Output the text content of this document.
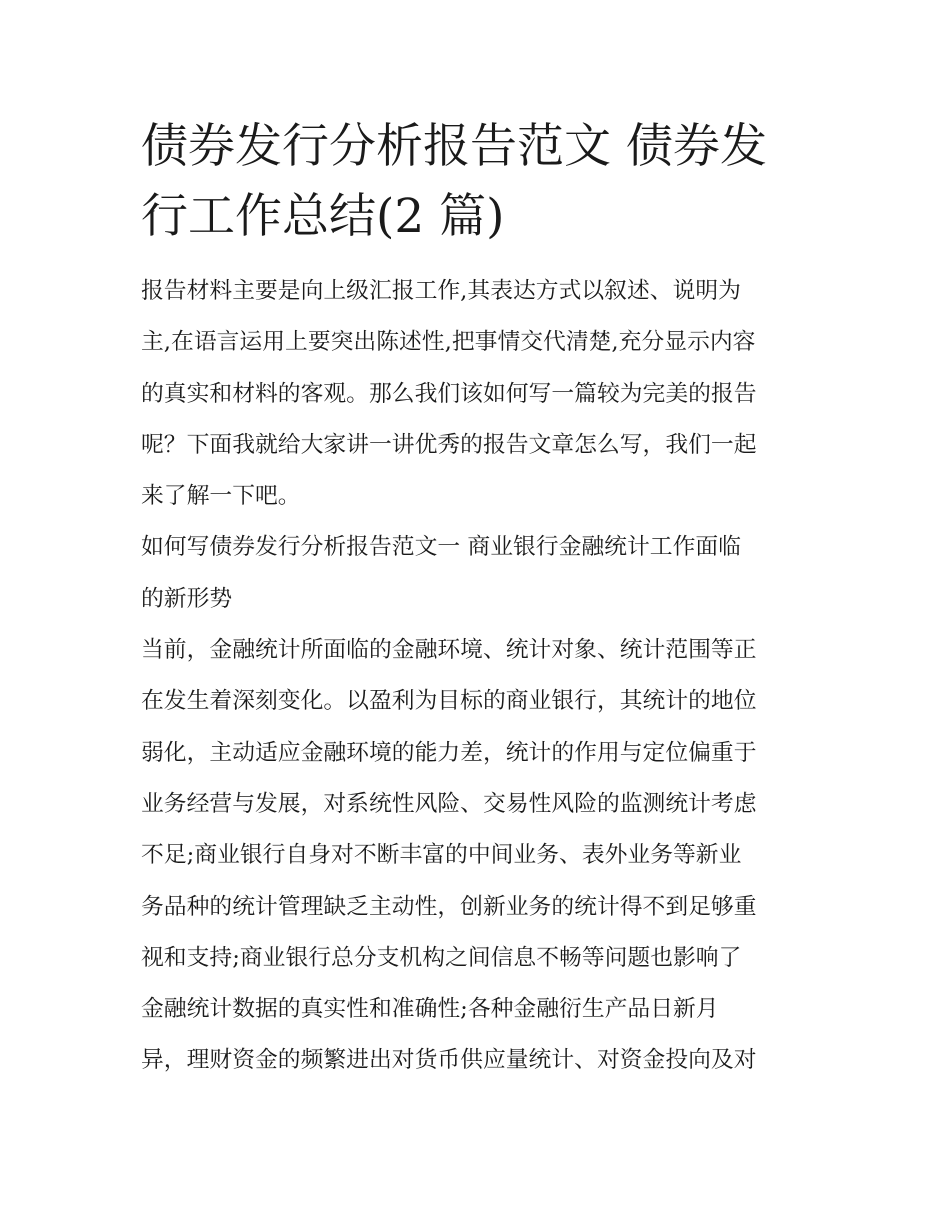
债券发行分析报告范文 债券发
行工作总结(2 篇)
报告材料主要是向上级汇报工作,其表达方式以叙述、说明为
主,在语言运用上要突出陈述性,把事情交代清楚,充分显示内容
的真实和材料的客观。那么我们该如何写一篇较为完美的报告
呢？下面我就给大家讲一讲优秀的报告文章怎么写，我们一起
来了解一下吧。
如何写债券发行分析报告范文一 商业银行金融统计工作面临
的新形势
当前，金融统计所面临的金融环境、统计对象、统计范围等正
在发生着深刻变化。以盈利为目标的商业银行，其统计的地位
弱化，主动适应金融环境的能力差，统计的作用与定位偏重于
业务经营与发展，对系统性风险、交易性风险的监测统计考虑
不足;商业银行自身对不断丰富的中间业务、表外业务等新业
务品种的统计管理缺乏主动性，创新业务的统计得不到足够重
视和支持;商业银行总分支机构之间信息不畅等问题也影响了
金融统计数据的真实性和准确性;各种金融衍生产品日新月
异，理财资金的频繁进出对货币供应量统计、对资金投向及对
